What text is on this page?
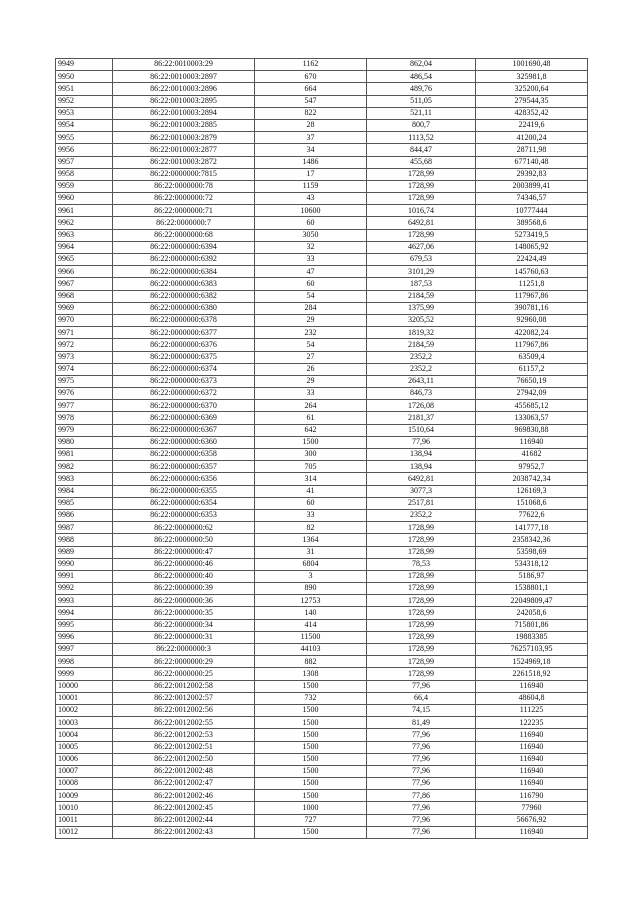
9949	86:22:0010003:29	1162	862,04	1001690,48
9950	86:22:0010003:2897	670	486,54	325981,8
9951	86:22:0010003:2896	664	489,76	325200,64
9952	86:22:0010003:2895	547	511,05	279544,35
9953	86:22:0010003:2894	822	521,11	428352,42
9954	86:22:0010003:2885	28	800,7	22419,6
9955	86:22:0010003:2879	37	1113,52	41200,24
9956	86:22:0010003:2877	34	844,47	28711,98
9957	86:22:0010003:2872	1486	455,68	677140,48
9958	86:22:0000000:7815	17	1728,99	29392,83
9959	86:22:0000000:78	1159	1728,99	2003899,41
9960	86:22:0000000:72	43	1728,99	74346,57
9961	86:22:0000000:71	10600	1016,74	10777444
9962	86:22:0000000:7	60	6492,81	389568,6
9963	86:22:0000000:68	3050	1728,99	5273419,5
9964	86:22:0000000:6394	32	4627,06	148065,92
9965	86:22:0000000:6392	33	679,53	22424,49
9966	86:22:0000000:6384	47	3101,29	145760,63
9967	86:22:0000000:6383	60	187,53	11251,8
9968	86:22:0000000:6382	54	2184,59	117967,86
9969	86:22:0000000:6380	284	1375,99	390781,16
9970	86:22:0000000:6378	29	3205,52	92960,08
9971	86:22:0000000:6377	232	1819,32	422082,24
9972	86:22:0000000:6376	54	2184,59	117967,86
9973	86:22:0000000:6375	27	2352,2	63509,4
9974	86:22:0000000:6374	26	2352,2	61157,2
9975	86:22:0000000:6373	29	2643,11	76650,19
9976	86:22:0000000:6372	33	846,73	27942,09
9977	86:22:0000000:6370	264	1726,08	455685,12
9978	86:22:0000000:6369	61	2181,37	133063,57
9979	86:22:0000000:6367	642	1510,64	969830,88
9980	86:22:0000000:6360	1500	77,96	116940
9981	86:22:0000000:6358	300	138,94	41682
9982	86:22:0000000:6357	705	138,94	97952,7
9983	86:22:0000000:6356	314	6492,81	2038742,34
9984	86:22:0000000:6355	41	3077,3	126169,3
9985	86:22:0000000:6354	60	2517,81	151068,6
9986	86:22:0000000:6353	33	2352,2	77622,6
9987	86:22:0000000:62	82	1728,99	141777,18
9988	86:22:0000000:50	1364	1728,99	2358342,36
9989	86:22:0000000:47	31	1728,99	53598,69
9990	86:22:0000000:46	6804	78,53	534318,12
9991	86:22:0000000:40	3	1728,99	5186,97
9992	86:22:0000000:39	890	1728,99	1538801,1
9993	86:22:0000000:36	12753	1728,99	22049809,47
9994	86:22:0000000:35	140	1728,99	242058,6
9995	86:22:0000000:34	414	1728,99	715801,86
9996	86:22:0000000:31	11500	1728,99	19883385
9997	86:22:0000000:3	44103	1728,99	76257103,95
9998	86:22:0000000:29	882	1728,99	1524969,18
9999	86:22:0000000:25	1308	1728,99	2261518,92
10000	86:22:0012002:58	1500	77,96	116940
10001	86:22:0012002:57	732	66,4	48604,8
10002	86:22:0012002:56	1500	74,15	111225
10003	86:22:0012002:55	1500	81,49	122235
10004	86:22:0012002:53	1500	77,96	116940
10005	86:22:0012002:51	1500	77,96	116940
10006	86:22:0012002:50	1500	77,96	116940
10007	86:22:0012002:48	1500	77,96	116940
10008	86:22:0012002:47	1500	77,96	116940
10009	86:22:0012002:46	1500	77,86	116790
10010	86:22:0012002:45	1000	77,96	77960
10011	86:22:0012002:44	727	77,96	56676,92
10012	86:22:0012002:43	1500	77,96	116940
